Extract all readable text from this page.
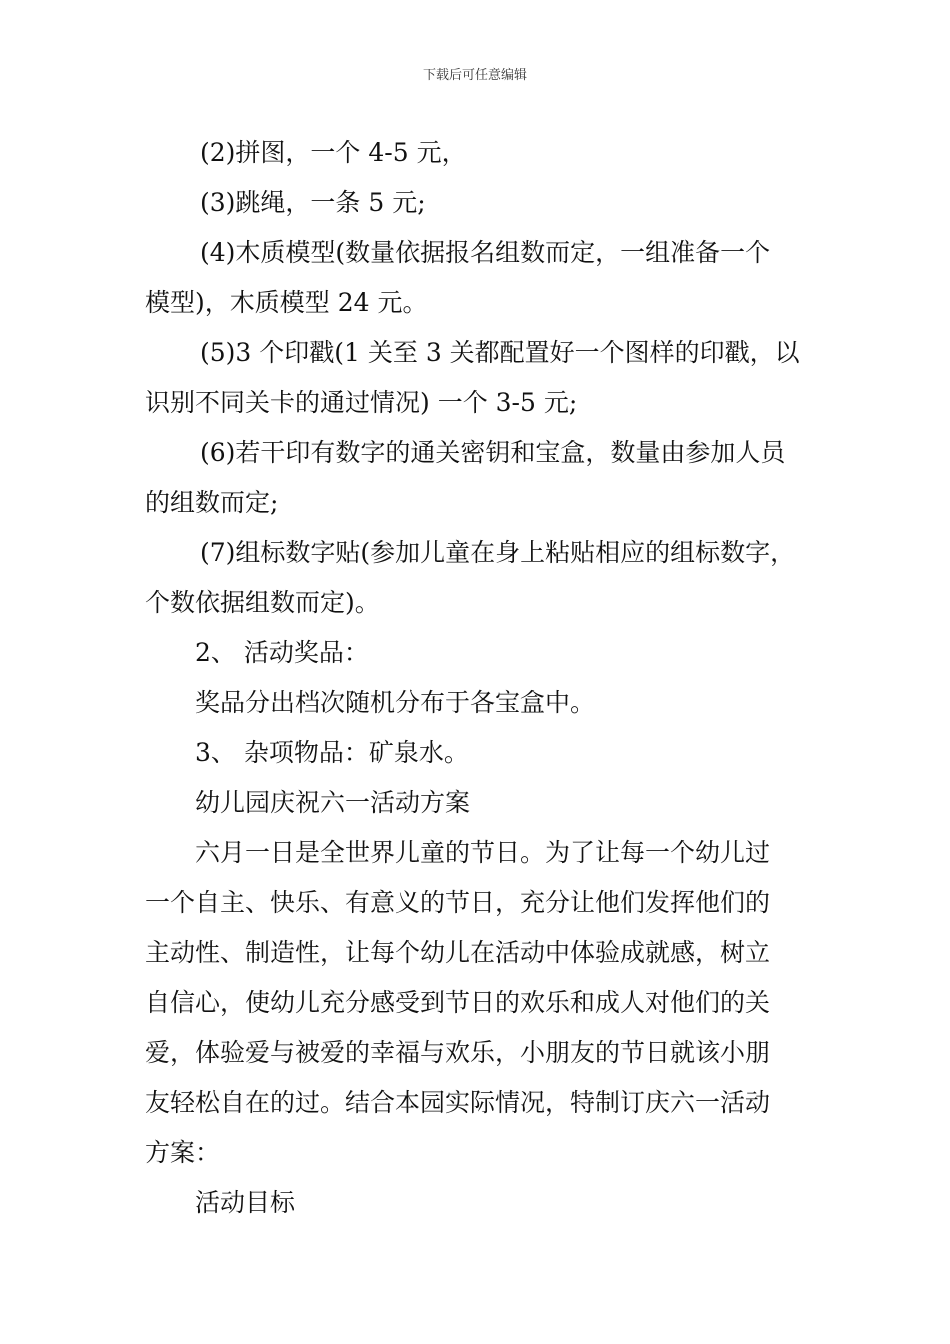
下载后可任意编辑
(2)拼图，一个 4-5 元，
(3)跳绳，一条 5 元;
(4)木质模型(数量依据报名组数而定，一组准备一个
模型)，木质模型 24 元。
(5)3 个印戳(1 关至 3 关都配置好一个图样的印戳，以
识别不同关卡的通过情况) 一个 3-5 元;
(6)若干印有数字的通关密钥和宝盒，数量由参加人员
的组数而定;
(7)组标数字贴(参加儿童在身上粘贴相应的组标数字，
个数依据组数而定)。
2、 活动奖品：
奖品分出档次随机分布于各宝盒中。
3、 杂项物品：矿泉水。
幼儿园庆祝六一活动方案
六月一日是全世界儿童的节日。为了让每一个幼儿过
一个自主、快乐、有意义的节日，充分让他们发挥他们的
主动性、制造性，让每个幼儿在活动中体验成就感，树立
自信心，使幼儿充分感受到节日的欢乐和成人对他们的关
爱，体验爱与被爱的幸福与欢乐，小朋友的节日就该小朋
友轻松自在的过。结合本园实际情况，特制订庆六一活动
方案：
活动目标
